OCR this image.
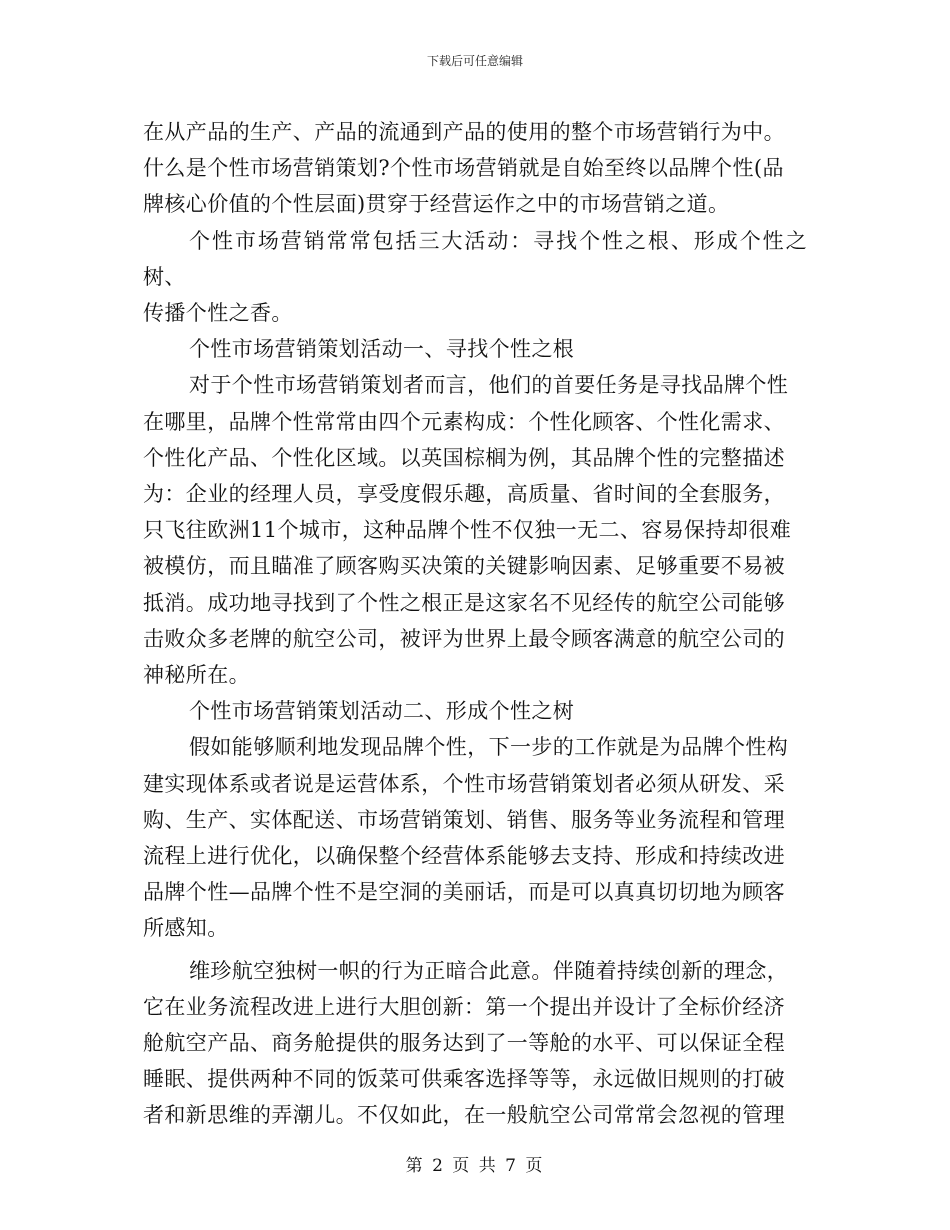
下载后可任意编辑

在从产品的生产、产品的流通到产品的使用的整个市场营销行为中。
什么是个性市场营销策划?个性市场营销就是自始至终以品牌个性(品
牌核心价值的个性层面)贯穿于经营运作之中的市场营销之道。

个性市场营销常常包括三大活动：寻找个性之根、形成个性之树、
传播个性之香。

个性市场营销策划活动一、寻找个性之根

对于个性市场营销策划者而言，他们的首要任务是寻找品牌个性
在哪里，品牌个性常常由四个元素构成：个性化顾客、个性化需求、
个性化产品、个性化区域。以英国棕榈为例，其品牌个性的完整描述
为：企业的经理人员，享受度假乐趣，高质量、省时间的全套服务，
只飞往欧洲11个城市，这种品牌个性不仅独一无二、容易保持却很难
被模仿，而且瞄准了顾客购买决策的关键影响因素、足够重要不易被
抵消。成功地寻找到了个性之根正是这家名不见经传的航空公司能够
击败众多老牌的航空公司，被评为世界上最令顾客满意的航空公司的
神秘所在。

个性市场营销策划活动二、形成个性之树

假如能够顺利地发现品牌个性，下一步的工作就是为品牌个性构
建实现体系或者说是运营体系，个性市场营销策划者必须从研发、采
购、生产、实体配送、市场营销策划、销售、服务等业务流程和管理
流程上进行优化，以确保整个经营体系能够去支持、形成和持续改进
品牌个性—品牌个性不是空洞的美丽话，而是可以真真切切地为顾客
所感知。

维珍航空独树一帜的行为正暗合此意。伴随着持续创新的理念，
它在业务流程改进上进行大胆创新：第一个提出并设计了全标价经济
舱航空产品、商务舱提供的服务达到了一等舱的水平、可以保证全程
睡眠、提供两种不同的饭菜可供乘客选择等等，永远做旧规则的打破
者和新思维的弄潮儿。不仅如此，在一般航空公司常常会忽视的管理

第 2 页 共 7 页
